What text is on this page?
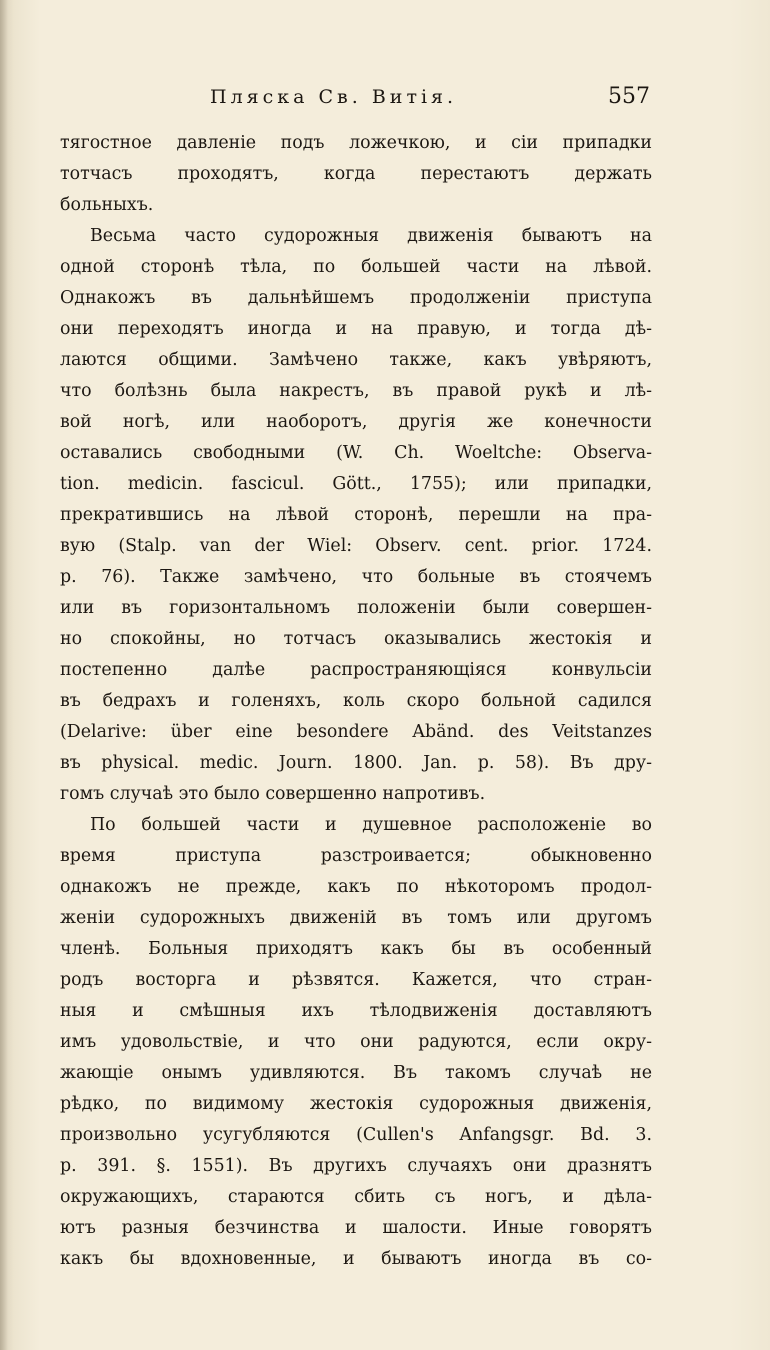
Пляска Св. Витія.	557
тягостное давленіе подъ ложечкою, и сіи припадки
тотчасъ проходятъ, когда перестаютъ держать
больныхъ.
Весьма часто судорожныя движенія бываютъ на
одной сторонѣ тѣла, по большей части на лѣвой.
Однакожъ въ дальнѣйшемъ продолженіи приступа
они переходятъ иногда и на правую, и тогда дѣ-
лаются общими. Замѣчено также, какъ увѣряютъ,
что болѣзнь была накрестъ, въ правой рукѣ и лѣ-
вой ногѣ, или наоборотъ, другія же конечности
оставались свободными (W. Ch. Woeltche: Observa-
tion. medicin. fascicul. Gött., 1755); или припадки,
прекратившись на лѣвой сторонѣ, перешли на пра-
вую (Stalp. van der Wiel: Observ. cent. prior. 1724.
p. 76). Также замѣчено, что больные въ стоячемъ
или въ горизонтальномъ положеніи были совершен-
но спокойны, но тотчасъ оказывались жестокія и
постепенно далѣе распространяющіяся конвульсіи
въ бедрахъ и голеняхъ, коль скоро больной садился
(Delarive: über eine besondere Abänd. des Veitstanzes
въ physical. medic. Journ. 1800. Jan. p. 58). Въ дру-
гомъ случаѣ это было совершенно напротивъ.
По большей части и душевное расположеніе во
время приступа разстроивается; обыкновенно
однакожъ не прежде, какъ по нѣкоторомъ продол-
женіи судорожныхъ движеній въ томъ или другомъ
членѣ. Больныя приходятъ какъ бы въ особенный
родъ восторга и рѣзвятся. Кажется, что стран-
ныя и смѣшныя ихъ тѣлодвиженія доставляютъ
имъ удовольствіе, и что они радуются, если окру-
жающіе онымъ удивляются. Въ такомъ случаѣ не
рѣдко, по видимому жестокія судорожныя движенія,
произвольно усугубляются (Cullen's Anfangsgr. Bd. 3.
p. 391. §. 1551). Въ другихъ случаяхъ они дразнятъ
окружающихъ, стараются сбить съ ногъ, и дѣла-
ютъ разныя безчинства и шалости. Иные говорятъ
какъ бы вдохновенные, и бываютъ иногда въ со-
